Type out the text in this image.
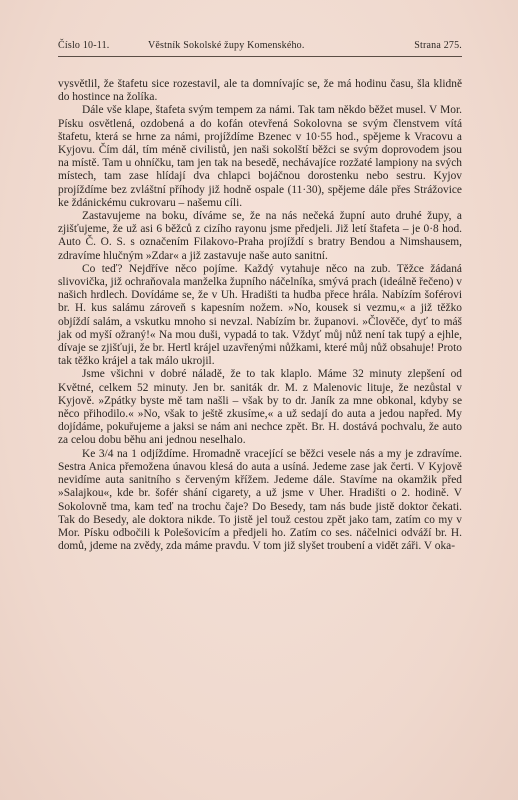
Číslo 10-11.	Věstník Sokolské župy Komenského.	Strana 275.

vysvětlil, že štafetu sice rozestavil, ale ta domnívajíc se, že má hodinu času, šla klidně do hostince na žolíka.

Dále vše klape, štafeta svým tempem za námi. Tak tam někdo běžet musel. V Mor. Písku osvětlená, ozdobená a do kofán otevřená Sokolovna se svým členstvem vítá štafetu, která se hrne za námi, projíždíme Bzenec v 10·55 hod., spějeme k Vracovu a Kyjovu. Čím dál, tím méně civilistů, jen naši sokolští běžci se svým doprovodem jsou na místě. Tam u ohníčku, tam jen tak na besedě, nechávajíce rozžaté lampiony na svých místech, tam zase hlídají dva chlapci bojáčnou dorostenku nebo sestru. Kyjov projíždíme bez zvláštní příhody již hodně ospale (11·30), spějeme dále přes Strážovice ke ždánickému cukrovaru – našemu cíli.

Zastavujeme na boku, díváme se, že na nás nečeká župní auto druhé župy, a zjišťujeme, že už asi 6 běžců z cizího rayonu jsme předjeli. Již letí štafeta – je 0·8 hod. Auto Č. O. S. s označením Filakovo-Praha projíždí s bratry Bendou a Nimshausem, zdravíme hlučným »Zdar« a již zastavuje naše auto sanitní.

Co teď? Nejdříve něco pojíme. Každý vytahuje něco na zub. Těžce žádaná slivovička, již ochraňovala manželka župního náčelníka, smývá prach (ideálně řečeno) v našich hrdlech. Dovídáme se, že v Uh. Hradišti ta hudba přece hrála. Nabízím šoférovi br. H. kus salámu zároveň s kapesním nožem. »No, kousek si vezmu,« a již těžko objíždí salám, a vskutku mnoho si nevzal. Nabízím br. županovi. »Člověče, dyť to máš jak od myší ožraný!« Na mou duši, vypadá to tak. Vždyť můj nůž není tak tupý a ejhle, dívaje se zjišťuji, že br. Hertl krájel uzavřenými nůžkami, které můj nůž obsahuje! Proto tak těžko krájel a tak málo ukrojil.

Jsme všichni v dobré náladě, že to tak klaplo. Máme 32 minuty zlepšení od Květné, celkem 52 minuty. Jen br. saniták dr. M. z Malenovic lituje, že nezůstal v Kyjově. »Zpátky byste mě tam našli – však by to dr. Janík za mne obkonal, kdyby se něco přihodilo.« »No, však to ještě zkusíme,« a už sedají do auta a jedou napřed. My dojídáme, pokuřujeme a jaksi se nám ani nechce zpět. Br. H. dostává pochvalu, že auto za celou dobu běhu ani jednou neselhalo.

Ke 3/4 na 1 odjíždíme. Hromadně vracející se běžci vesele nás a my je zdravíme. Sestra Anica přemožena únavou klesá do auta a usíná. Jedeme zase jak čerti. V Kyjově nevidíme auta sanitního s červeným křížem. Jedeme dále. Stavíme na okamžik před »Salajkou«, kde br. šofér shání cigarety, a už jsme v Uher. Hradišti o 2. hodině. V Sokolovně tma, kam teď na trochu čaje? Do Besedy, tam nás bude jistě doktor čekati. Tak do Besedy, ale doktora nikde. To jistě jel touž cestou zpět jako tam, zatím co my v Mor. Písku odbočili k Polešovicím a předjeli ho. Zatím co ses. náčelnici odváží br. H. domů, jdeme na zvědy, zda máme pravdu. V tom již slyšet troubení a vidět záři. V oka-
